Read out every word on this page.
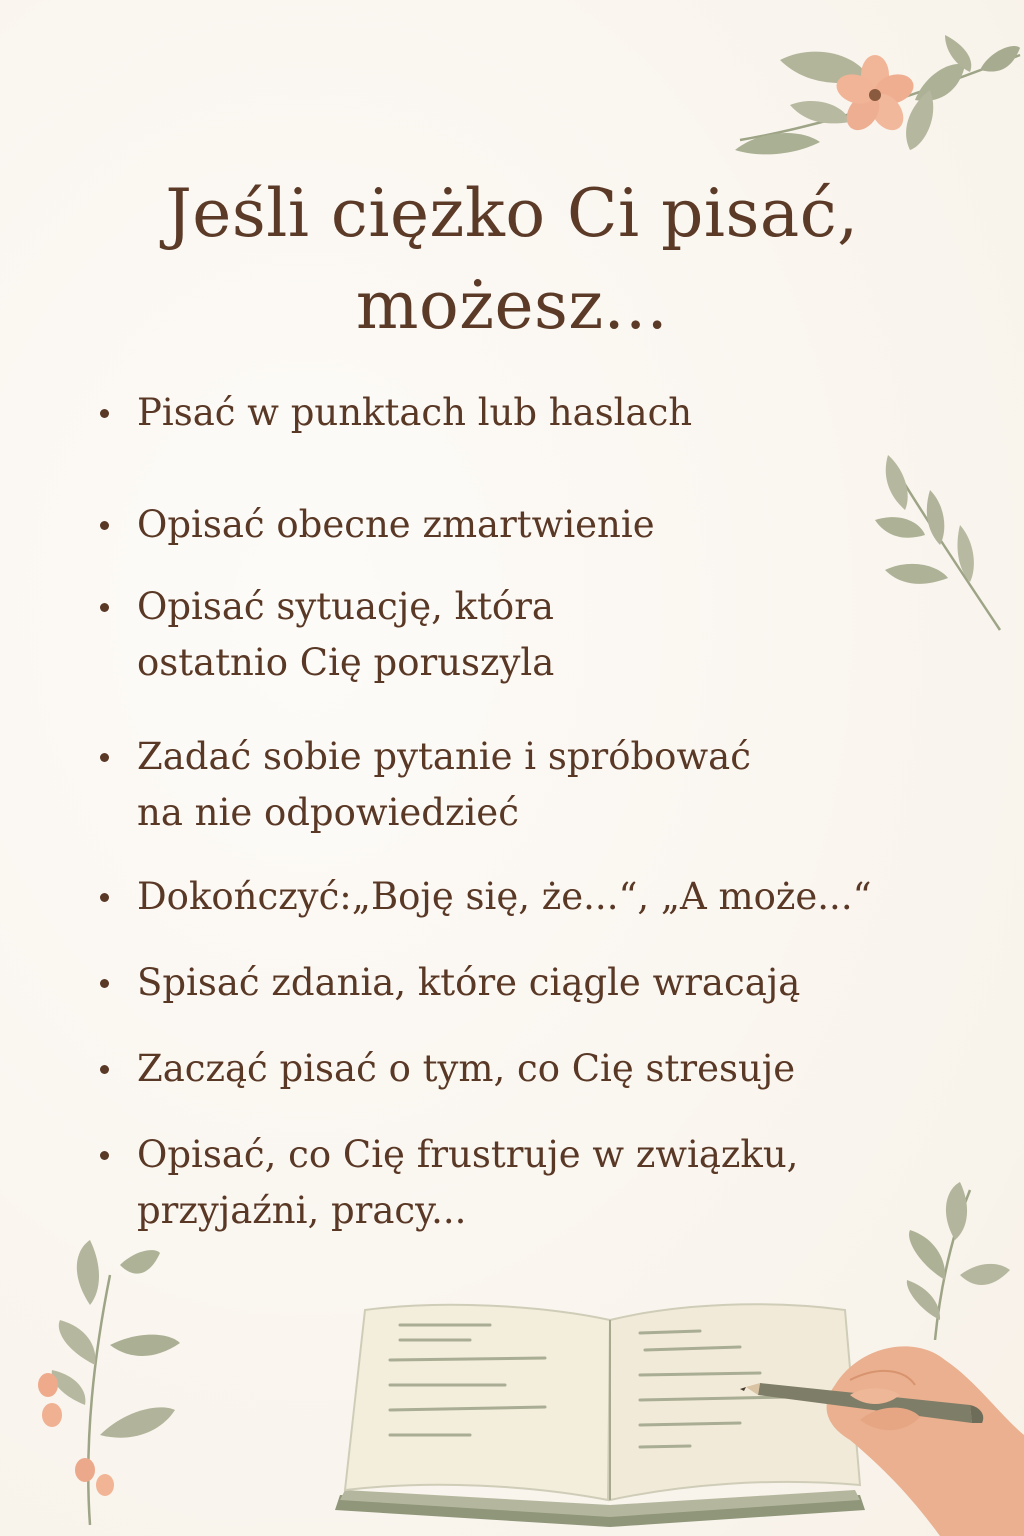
Jeśli ciężko Ci pisać,
możesz...
Pisać w punktach lub haslach
Opisać obecne zmartwienie
Opisać sytuację, która
ostatnio Cię poruszyla
Zadać sobie pytanie i spróbować
na nie odpowiedzieć
Dokończyć:„Boję się, że...“, „A może...“
Spisać zdania, które ciągle wracają
Zacząć pisać o tym, co Cię stresuje
Opisać, co Cię frustruje w związku,
przyjaźni, pracy...
